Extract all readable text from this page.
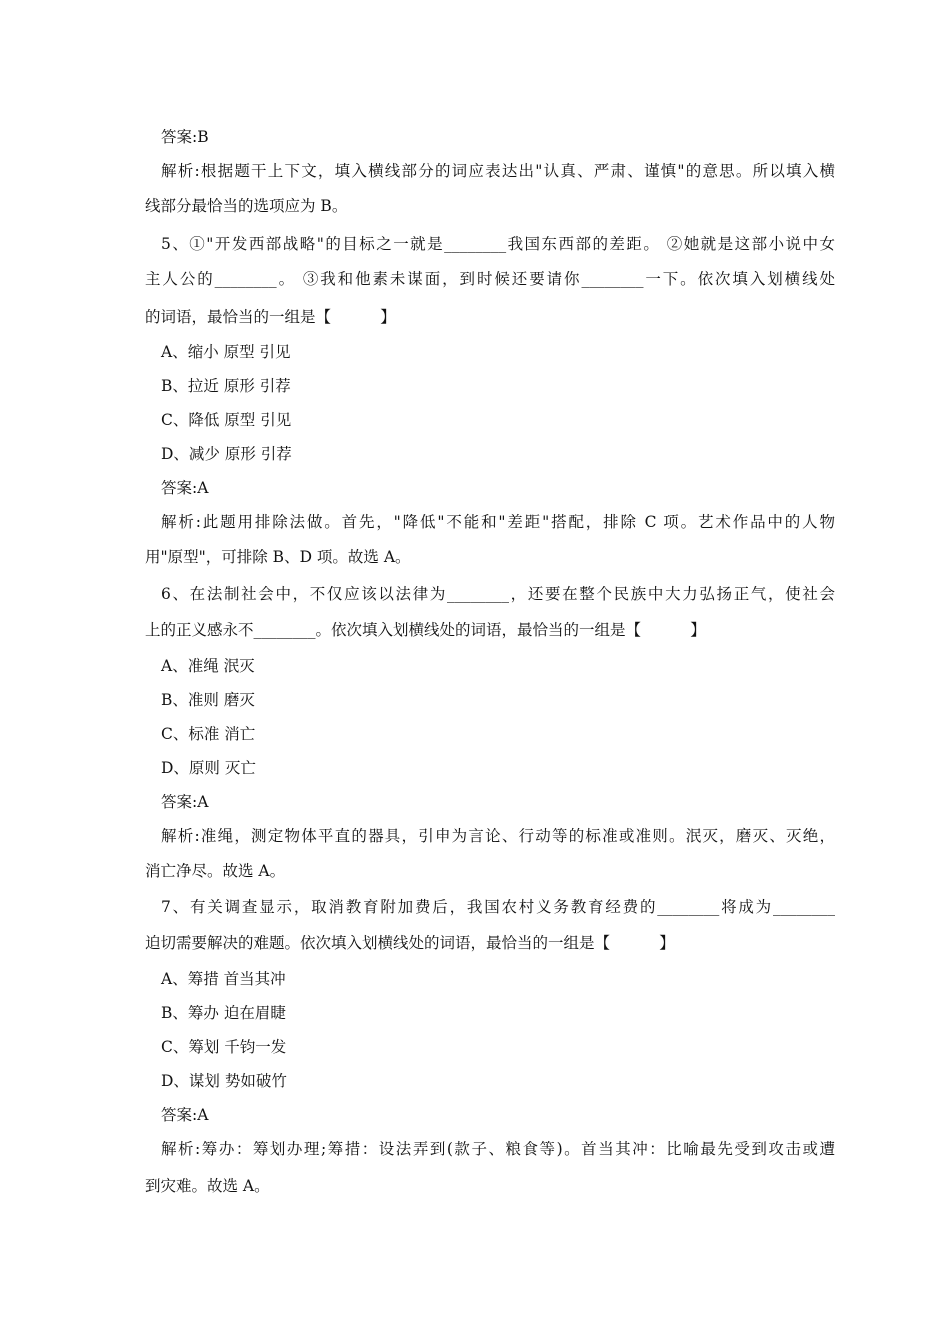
答案:B
解析:根据题干上下文，填入横线部分的词应表达出"认真、严肃、谨慎"的意思。所以填入横
线部分最恰当的选项应为 B。
5、①"开发西部战略"的目标之一就是________我国东西部的差距。 ②她就是这部小说中女
主人公的________。 ③我和他素未谋面，到时候还要请你________一下。依次填入划横线处
的词语，最恰当的一组是【          】
A、缩小 原型 引见
B、拉近 原形 引荐
C、降低 原型 引见
D、减少 原形 引荐
答案:A
解析:此题用排除法做。首先，"降低"不能和"差距"搭配，排除 C 项。艺术作品中的人物
用"原型"，可排除 B、D 项。故选 A。
6、在法制社会中，不仅应该以法律为________，还要在整个民族中大力弘扬正气，使社会
上的正义感永不________。依次填入划横线处的词语，最恰当的一组是【          】
A、准绳 泯灭
B、准则 磨灭
C、标准 消亡
D、原则 灭亡
答案:A
解析:准绳，测定物体平直的器具，引申为言论、行动等的标准或准则。泯灭，磨灭、灭绝，
消亡净尽。故选 A。
7、有关调查显示，取消教育附加费后，我国农村义务教育经费的________将成为________
迫切需要解决的难题。依次填入划横线处的词语，最恰当的一组是【          】
A、筹措 首当其冲
B、筹办 迫在眉睫
C、筹划 千钧一发
D、谋划 势如破竹
答案:A
解析:筹办：筹划办理;筹措：设法弄到(款子、粮食等)。首当其冲：比喻最先受到攻击或遭
到灾难。故选 A。
